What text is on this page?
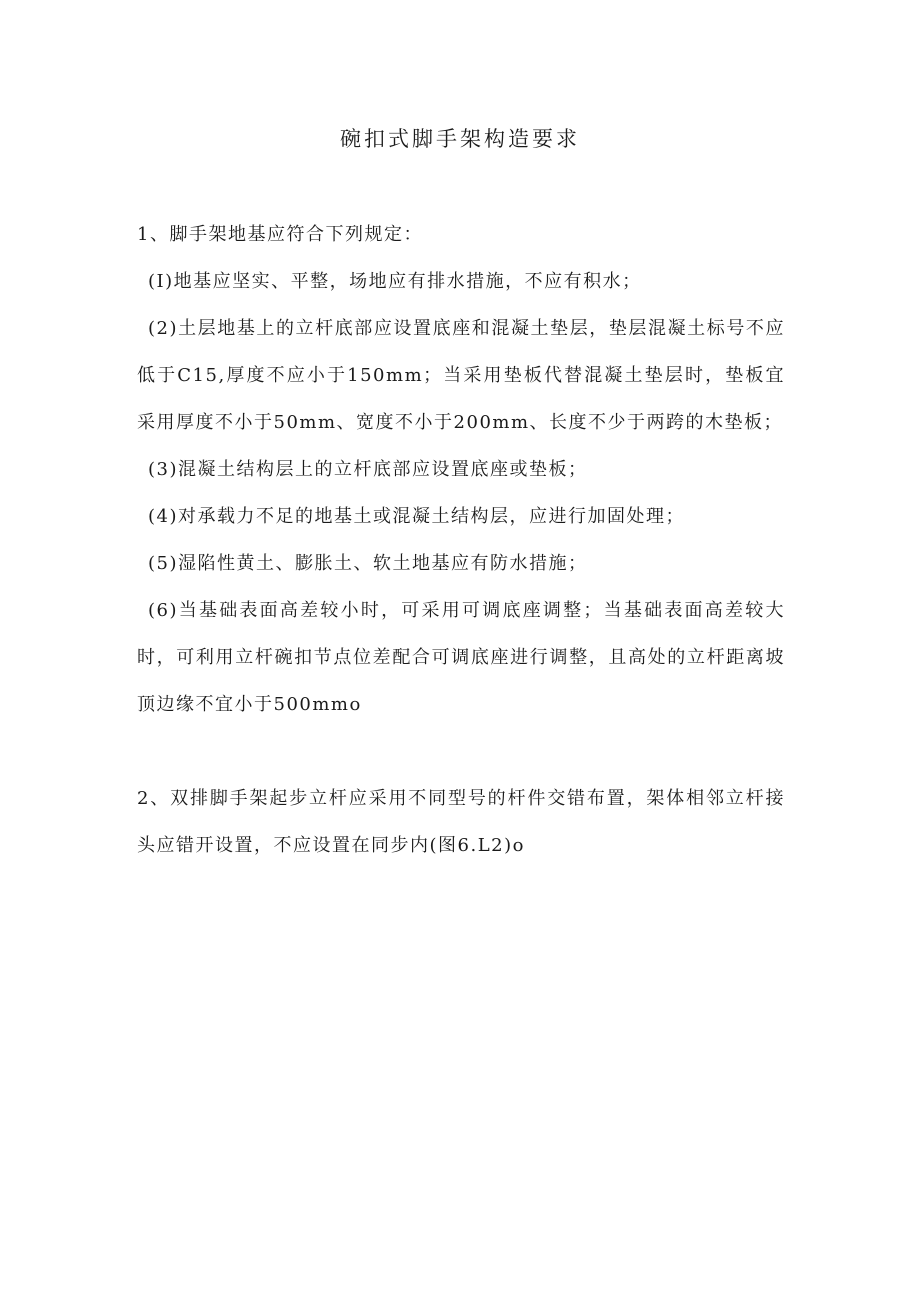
碗扣式脚手架构造要求

1、脚手架地基应符合下列规定：

(I)地基应坚实、平整，场地应有排水措施，不应有积水；

(2)土层地基上的立杆底部应设置底座和混凝土垫层，垫层混凝土标号不应低于C15,厚度不应小于150mm；当采用垫板代替混凝土垫层时，垫板宜采用厚度不小于50mm、宽度不小于200mm、长度不少于两跨的木垫板；

(3)混凝土结构层上的立杆底部应设置底座或垫板；

(4)对承载力不足的地基土或混凝土结构层，应进行加固处理；

(5)湿陷性黄土、膨胀土、软土地基应有防水措施；

(6)当基础表面高差较小时，可采用可调底座调整；当基础表面高差较大时，可利用立杆碗扣节点位差配合可调底座进行调整，且高处的立杆距离坡顶边缘不宜小于500mmo

2、双排脚手架起步立杆应采用不同型号的杆件交错布置，架体相邻立杆接头应错开设置，不应设置在同步内(图6.L2)o
